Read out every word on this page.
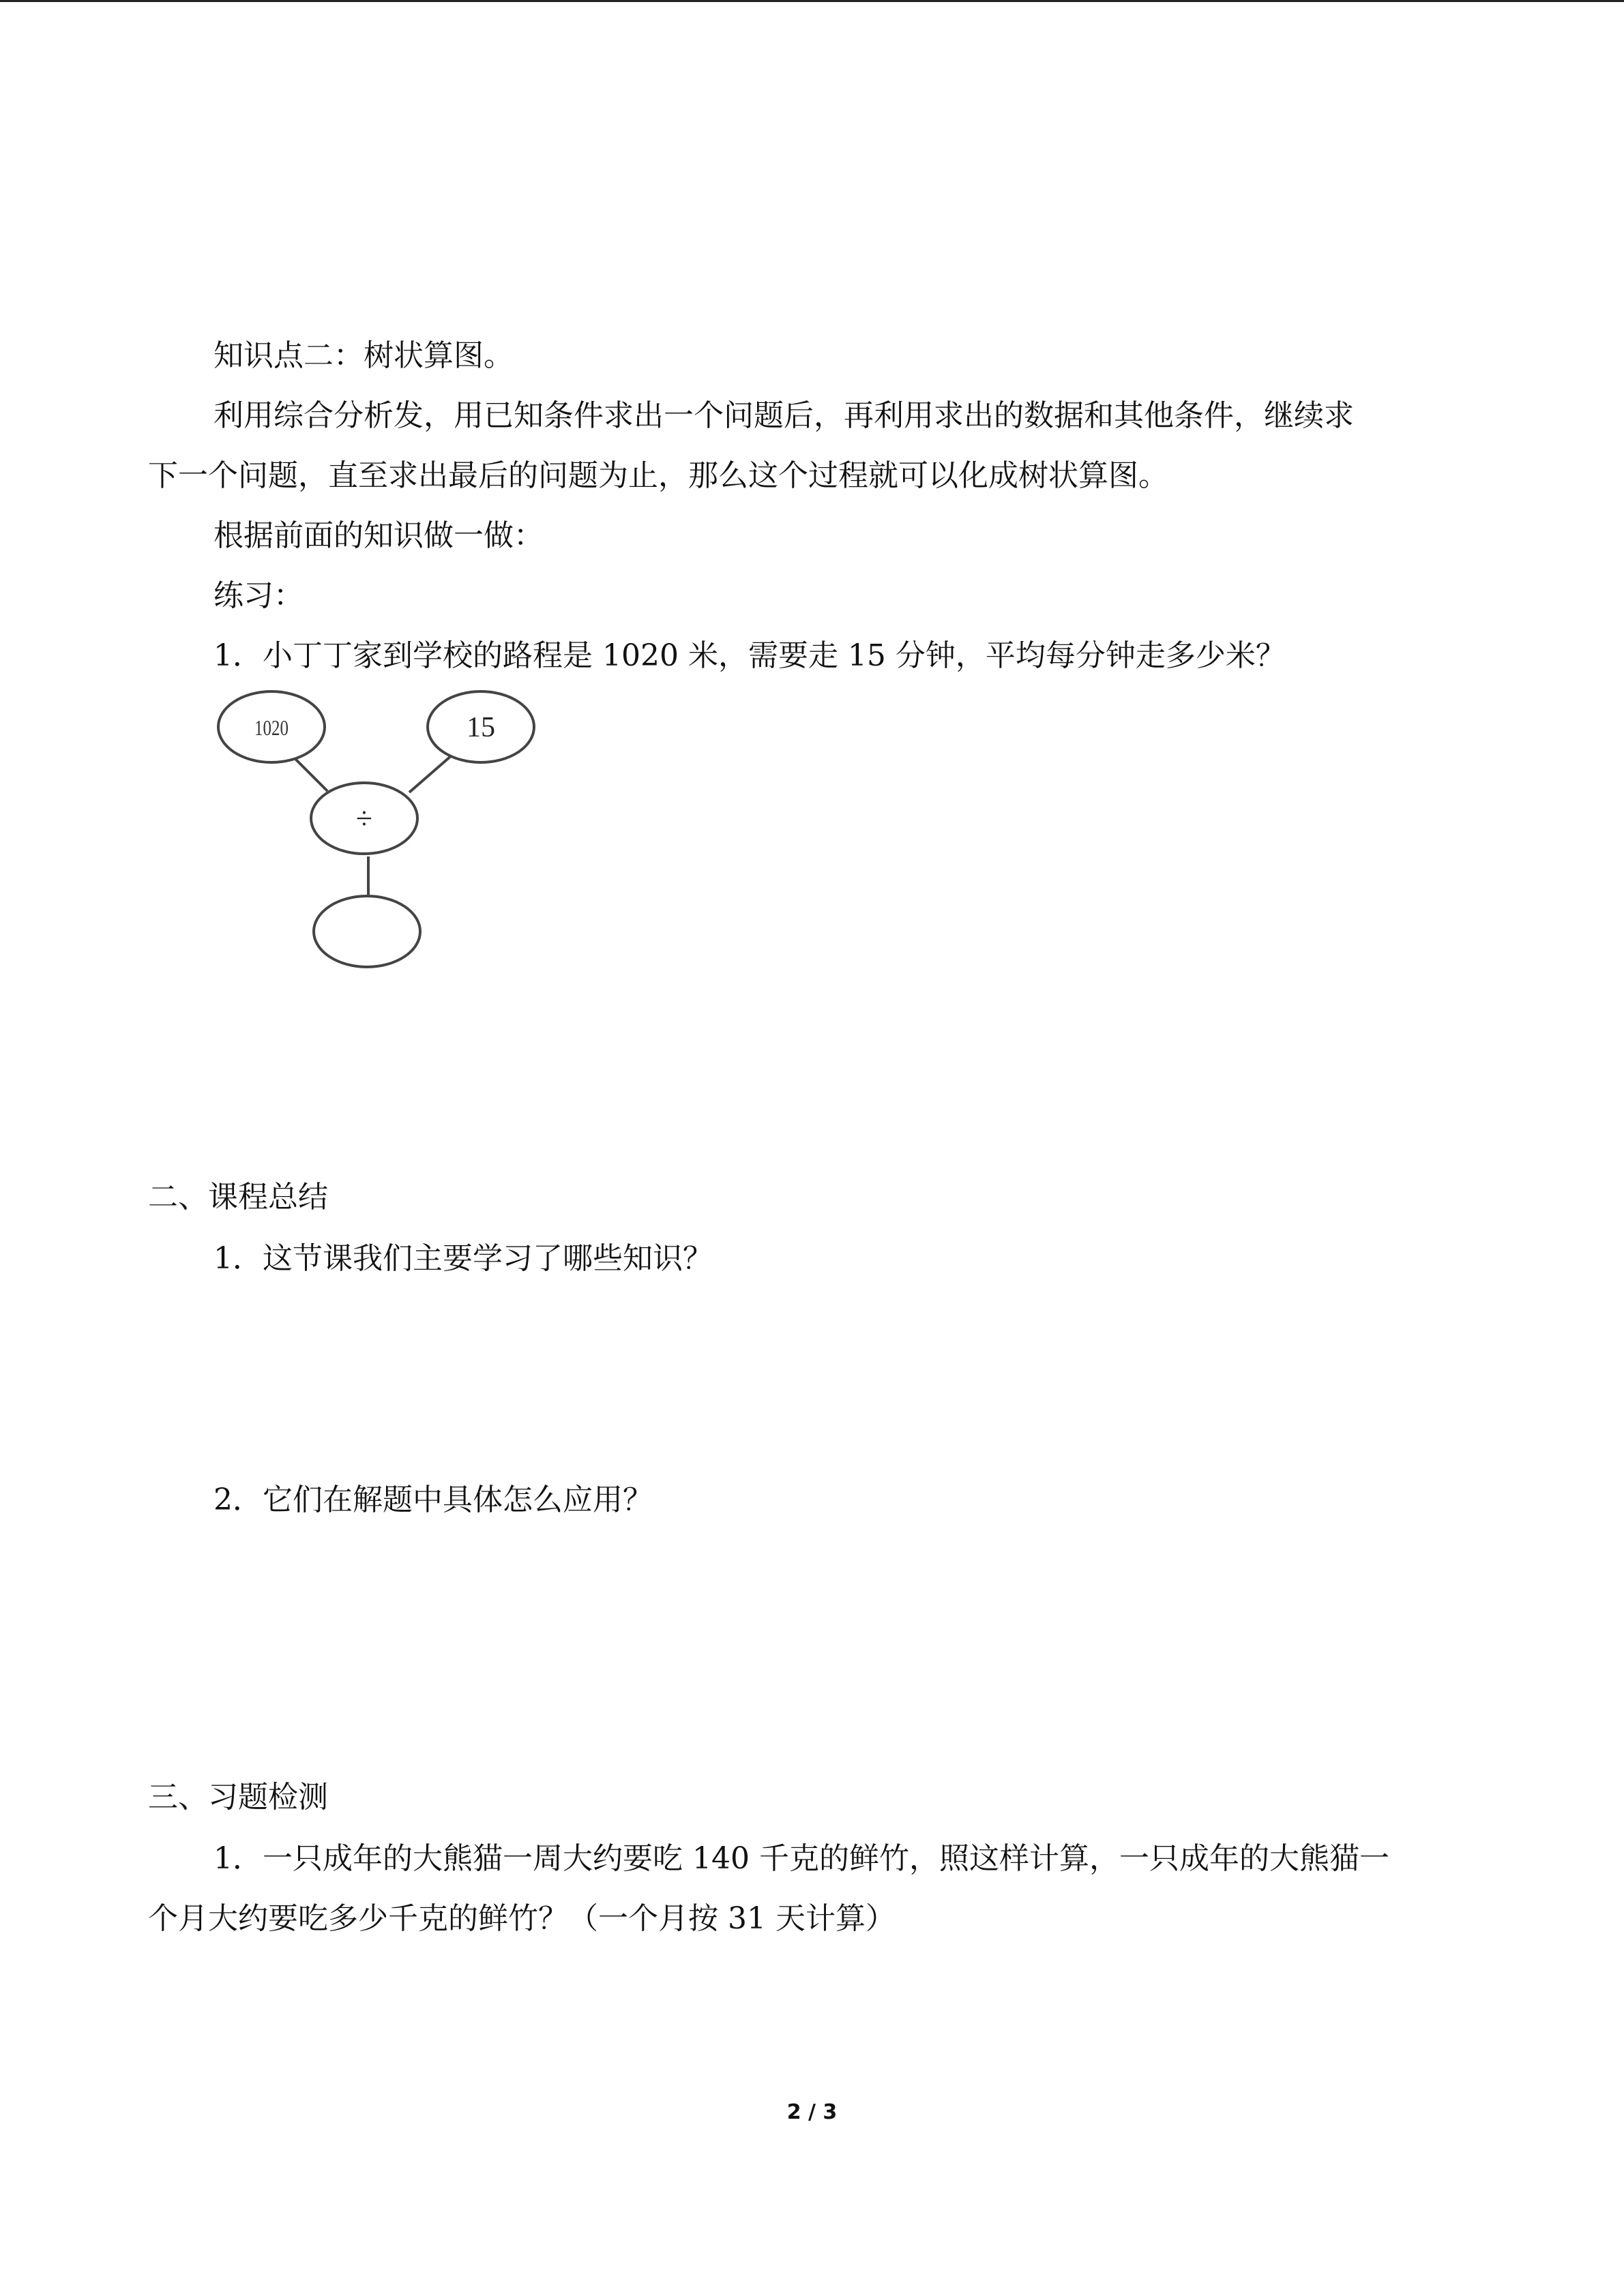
知识点二：树状算图。
利用综合分析发，用已知条件求出一个问题后，再利用求出的数据和其他条件，继续求
下一个问题，直至求出最后的问题为止，那么这个过程就可以化成树状算图。
根据前面的知识做一做：
练习：
1．小丁丁家到学校的路程是 1020 米，需要走 15 分钟，平均每分钟走多少米？
1020	15
÷
二、课程总结
1．这节课我们主要学习了哪些知识？
2．它们在解题中具体怎么应用？
三、习题检测
1．一只成年的大熊猫一周大约要吃 140 千克的鲜竹，照这样计算，一只成年的大熊猫一
个月大约要吃多少千克的鲜竹？（一个月按 31 天计算）
2 / 3
